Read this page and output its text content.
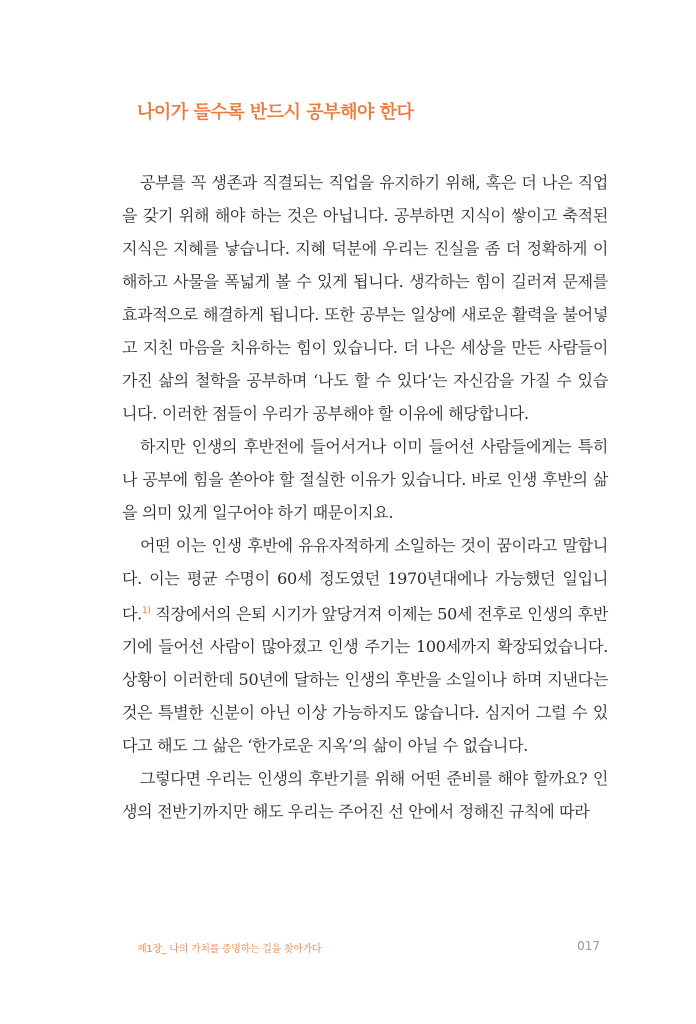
나이가 들수록 반드시 공부해야 한다

공부를 꼭 생존과 직결되는 직업을 유지하기 위해, 혹은 더 나은 직업을 갖기 위해 해야 하는 것은 아닙니다. 공부하면 지식이 쌓이고 축적된 지식은 지혜를 낳습니다. 지혜 덕분에 우리는 진실을 좀 더 정확하게 이해하고 사물을 폭넓게 볼 수 있게 됩니다. 생각하는 힘이 길러져 문제를 효과적으로 해결하게 됩니다. 또한 공부는 일상에 새로운 활력을 불어넣고 지친 마음을 치유하는 힘이 있습니다. 더 나은 세상을 만든 사람들이 가진 삶의 철학을 공부하며 ‘나도 할 수 있다’는 자신감을 가질 수 있습니다. 이러한 점들이 우리가 공부해야 할 이유에 해당합니다.

하지만 인생의 후반전에 들어서거나 이미 들어선 사람들에게는 특히나 공부에 힘을 쏟아야 할 절실한 이유가 있습니다. 바로 인생 후반의 삶을 의미 있게 일구어야 하기 때문이지요.

어떤 이는 인생 후반에 유유자적하게 소일하는 것이 꿈이라고 말합니다. 이는 평균 수명이 60세 정도였던 1970년대에나 가능했던 일입니다.$^{1)}$ 직장에서의 은퇴 시기가 앞당겨져 이제는 50세 전후로 인생의 후반기에 들어선 사람이 많아졌고 인생 주기는 100세까지 확장되었습니다. 상황이 이러한데 50년에 달하는 인생의 후반을 소일이나 하며 지낸다는 것은 특별한 신분이 아닌 이상 가능하지도 않습니다. 심지어 그럴 수 있다고 해도 그 삶은 ‘한가로운 지옥’의 삶이 아닐 수 없습니다.

그렇다면 우리는 인생의 후반기를 위해 어떤 준비를 해야 할까요? 인생의 전반기까지만 해도 우리는 주어진 선 안에서 정해진 규칙에 따라

제1장_ 나의 가치를 증명하는 길을 찾아가다	017
